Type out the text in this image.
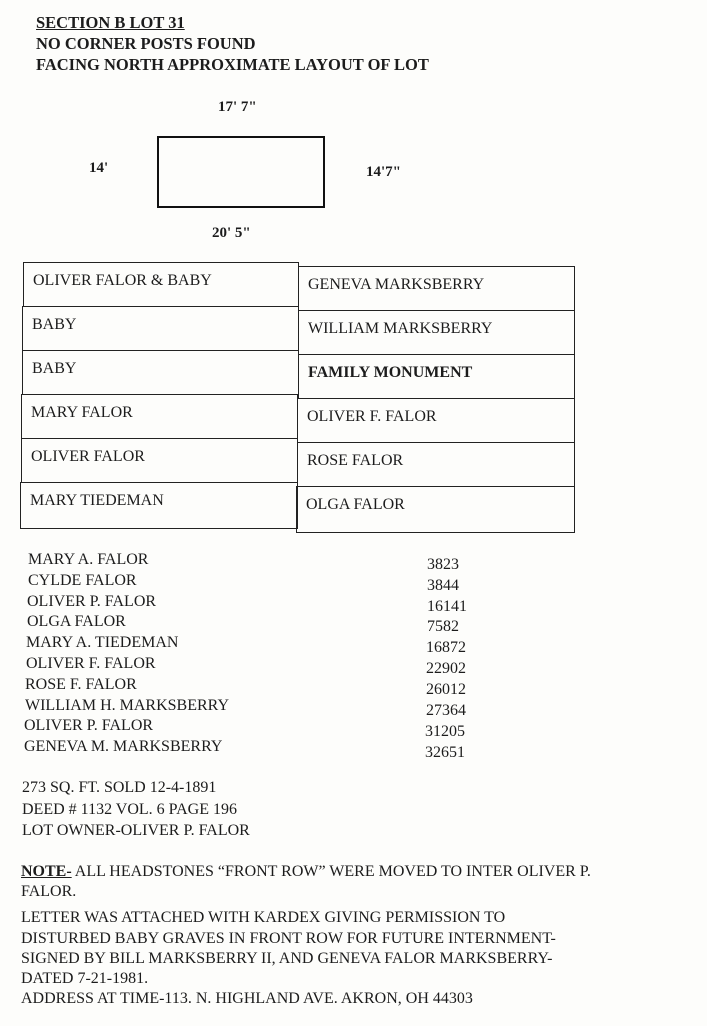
SECTION B LOT 31
NO CORNER POSTS FOUND
FACING NORTH APPROXIMATE LAYOUT OF LOT
17' 7"
14'	14'7"
20' 5"
OLIVER FALOR & BABY	GENEVA MARKSBERRY
BABY	WILLIAM MARKSBERRY
BABY	FAMILY MONUMENT
MARY FALOR	OLIVER F. FALOR
OLIVER FALOR	ROSE FALOR
MARY TIEDEMAN	OLGA FALOR
MARY A. FALOR	3823
CYLDE FALOR	3844
OLIVER P. FALOR	16141
OLGA FALOR	7582
MARY A. TIEDEMAN	16872
OLIVER F. FALOR	22902
ROSE F. FALOR	26012
WILLIAM H. MARKSBERRY	27364
OLIVER P. FALOR	31205
GENEVA M. MARKSBERRY	32651
273 SQ. FT. SOLD 12-4-1891
DEED # 1132 VOL. 6 PAGE 196
LOT OWNER-OLIVER P. FALOR
NOTE- ALL HEADSTONES “FRONT ROW” WERE MOVED TO INTER OLIVER P.
FALOR.
LETTER WAS ATTACHED WITH KARDEX GIVING PERMISSION TO
DISTURBED BABY GRAVES IN FRONT ROW FOR FUTURE INTERNMENT-
SIGNED BY BILL MARKSBERRY II, AND GENEVA FALOR MARKSBERRY-
DATED 7-21-1981.
ADDRESS AT TIME-113. N. HIGHLAND AVE. AKRON, OH 44303
